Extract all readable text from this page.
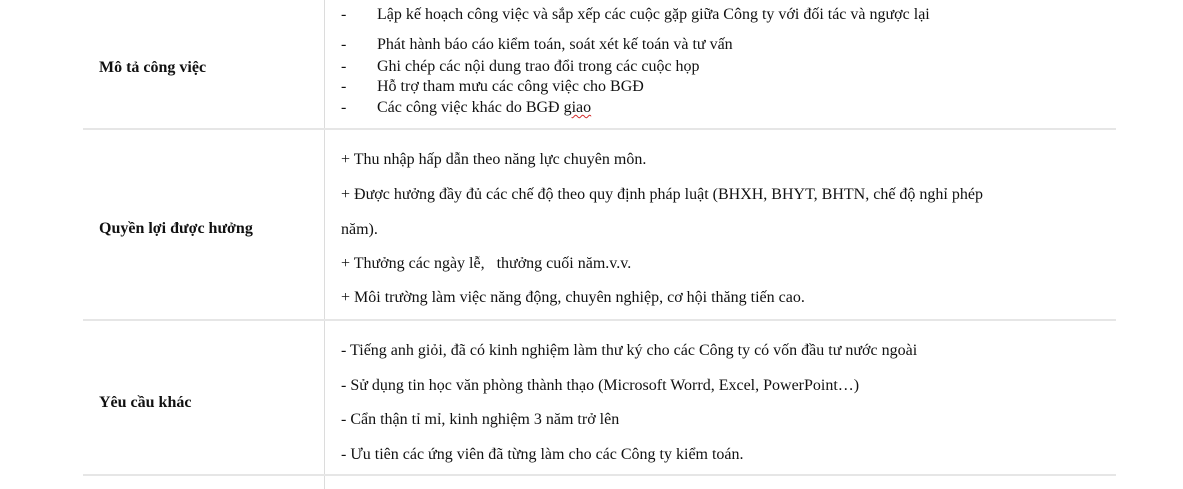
Mô tả công việc
- Lập kế hoạch công việc và sắp xếp các cuộc gặp giữa Công ty với đối tác và ngược lại
- Phát hành báo cáo kiểm toán, soát xét kế toán và tư vấn
- Ghi chép các nội dung trao đổi trong các cuộc họp
- Hỗ trợ tham mưu các công việc cho BGĐ
- Các công việc khác do BGĐ giao
Quyền lợi được hưởng
+ Thu nhập hấp dẫn theo năng lực chuyên môn.
+ Được hưởng đầy đủ các chế độ theo quy định pháp luật (BHXH, BHYT, BHTN, chế độ nghỉ phép
năm).
+ Thưởng các ngày lễ,   thưởng cuối năm.v.v.
+ Môi trường làm việc năng động, chuyên nghiệp, cơ hội thăng tiến cao.
Yêu cầu khác
- Tiếng anh giỏi, đã có kinh nghiệm làm thư ký cho các Công ty có vốn đầu tư nước ngoài
- Sử dụng tin học văn phòng thành thạo (Microsoft Worrd, Excel, PowerPoint…)
- Cẩn thận tỉ mỉ, kinh nghiệm 3 năm trở lên
- Ưu tiên các ứng viên đã từng làm cho các Công ty kiểm toán.
